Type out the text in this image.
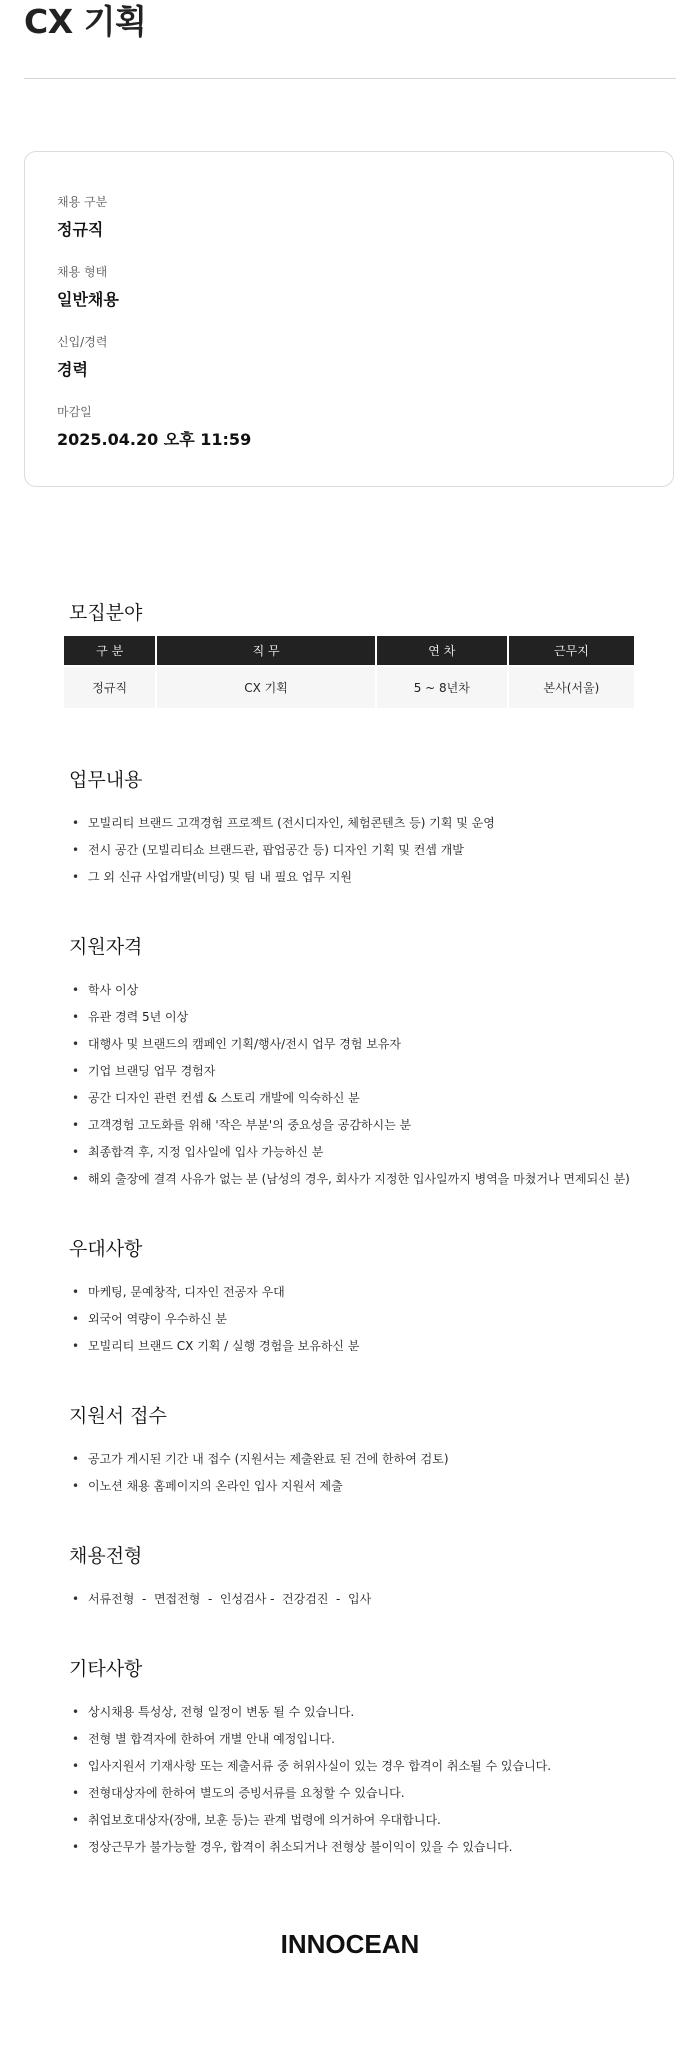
CX 기획
채용 구분
정규직
채용 형태
일반채용
신입/경력
경력
마감일
2025.04.20 오후 11:59
모집분야
구 분	직 무	연 차	근무지
정규직	CX 기획	5 ~ 8년차	본사(서울)
업무내용
• 모빌리티 브랜드 고객경험 프로젝트 (전시디자인, 체험콘텐츠 등) 기획 및 운영
• 전시 공간 (모빌리티쇼 브랜드관, 팝업공간 등) 디자인 기획 및 컨셉 개발
• 그 외 신규 사업개발(비딩) 및 팀 내 필요 업무 지원
지원자격
• 학사 이상
• 유관 경력 5년 이상
• 대행사 및 브랜드의 캠페인 기획/행사/전시 업무 경험 보유자
• 기업 브랜딩 업무 경험자
• 공간 디자인 관련 컨셉 & 스토리 개발에 익숙하신 분
• 고객경험 고도화를 위해 '작은 부분'의 중요성을 공감하시는 분
• 최종합격 후, 지정 입사일에 입사 가능하신 분
• 해외 출장에 결격 사유가 없는 분 (남성의 경우, 회사가 지정한 입사일까지 병역을 마쳤거나 면제되신 분)
우대사항
• 마케팅, 문예창작, 디자인 전공자 우대
• 외국어 역량이 우수하신 분
• 모빌리티 브랜드 CX 기획 / 실행 경험을 보유하신 분
지원서 접수
• 공고가 게시된 기간 내 접수 (지원서는 제출완료 된 건에 한하여 검토)
• 이노션 채용 홈페이지의 온라인 입사 지원서 제출
채용전형
• 서류전형  -  면접전형  -  인성검사 -  건강검진  -  입사
기타사항
• 상시채용 특성상, 전형 일정이 변동 될 수 있습니다.
• 전형 별 합격자에 한하여 개별 안내 예정입니다.
• 입사지원서 기재사항 또는 제출서류 중 허위사실이 있는 경우 합격이 취소될 수 있습니다.
• 전형대상자에 한하여 별도의 증빙서류를 요청할 수 있습니다.
• 취업보호대상자(장애, 보훈 등)는 관계 법령에 의거하여 우대합니다.
• 정상근무가 불가능할 경우, 합격이 취소되거나 전형상 불이익이 있을 수 있습니다.
INNOCEAN
